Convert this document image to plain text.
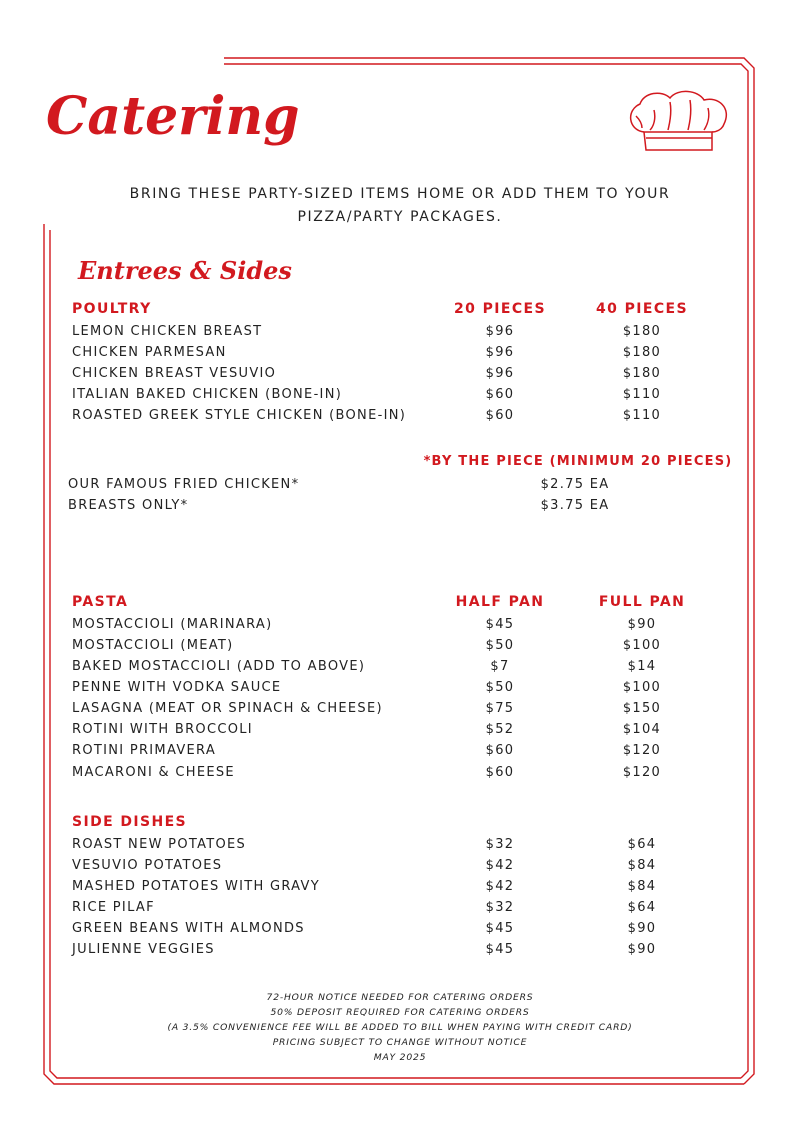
Catering
BRING THESE PARTY-SIZED ITEMS HOME OR ADD THEM TO YOUR
PIZZA/PARTY PACKAGES.
Entrees & Sides
POULTRY	20 PIECES	40 PIECES
LEMON CHICKEN BREAST	$96	$180
CHICKEN PARMESAN	$96	$180
CHICKEN BREAST VESUVIO	$96	$180
ITALIAN BAKED CHICKEN (BONE-IN)	$60	$110
ROASTED GREEK STYLE CHICKEN (BONE-IN)	$60	$110
*BY THE PIECE (MINIMUM 20 PIECES)
OUR FAMOUS FRIED CHICKEN*	$2.75 EA
BREASTS ONLY*	$3.75 EA
PASTA	HALF PAN	FULL PAN
MOSTACCIOLI (MARINARA)	$45	$90
MOSTACCIOLI (MEAT)	$50	$100
BAKED MOSTACCIOLI (ADD TO ABOVE)	$7	$14
PENNE WITH VODKA SAUCE	$50	$100
LASAGNA (MEAT OR SPINACH & CHEESE)	$75	$150
ROTINI WITH BROCCOLI	$52	$104
ROTINI PRIMAVERA	$60	$120
MACARONI & CHEESE	$60	$120
SIDE DISHES
ROAST NEW POTATOES	$32	$64
VESUVIO POTATOES	$42	$84
MASHED POTATOES WITH GRAVY	$42	$84
RICE PILAF	$32	$64
GREEN BEANS WITH ALMONDS	$45	$90
JULIENNE VEGGIES	$45	$90
72-HOUR NOTICE NEEDED FOR CATERING ORDERS
50% DEPOSIT REQUIRED FOR CATERING ORDERS
(A 3.5% CONVENIENCE FEE WILL BE ADDED TO BILL WHEN PAYING WITH CREDIT CARD)
PRICING SUBJECT TO CHANGE WITHOUT NOTICE
MAY 2025
